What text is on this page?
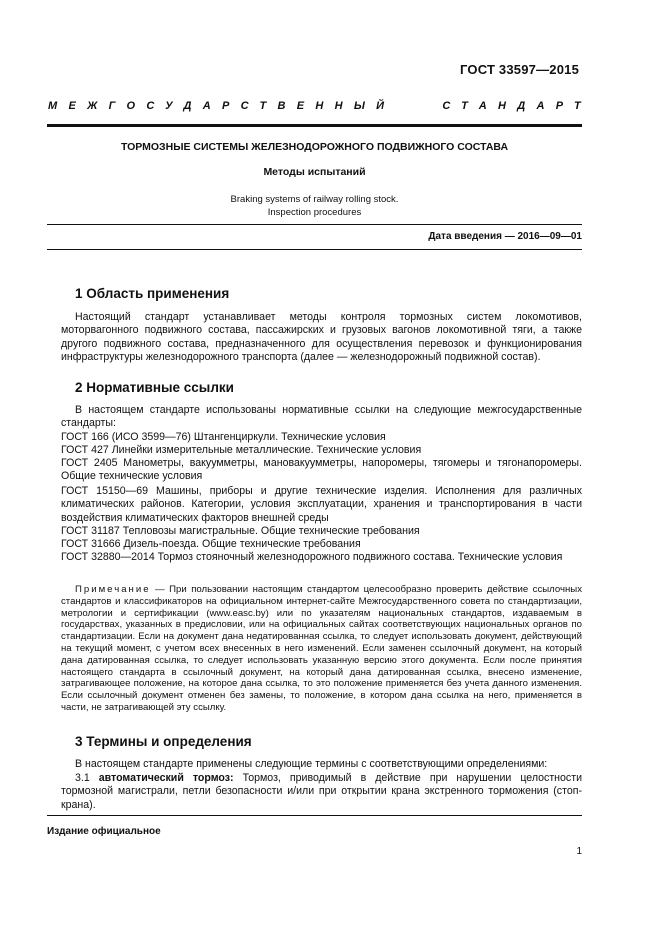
ГОСТ 33597—2015
МЕЖГОСУДАРСТВЕННЫЙ	СТАНДАРТ
ТОРМОЗНЫЕ СИСТЕМЫ ЖЕЛЕЗНОДОРОЖНОГО ПОДВИЖНОГО СОСТАВА
Методы испытаний
Braking systems of railway rolling stock.
Inspection procedures
Дата введения — 2016—09—01
1 Область применения

Настоящий стандарт устанавливает методы контроля тормозных систем локомотивов, моторвагонного подвижного состава, пассажирских и грузовых вагонов локомотивной тяги, а также другого подвижного состава, предназначенного для осуществления перевозок и функционирования инфраструктуры железнодорожного транспорта (далее — железнодорожный подвижной состав).

2 Нормативные ссылки

В настоящем стандарте использованы нормативные ссылки на следующие межгосударственные стандарты:

ГОСТ 166 (ИСО 3599—76) Штангенциркули. Технические условия

ГОСТ 427 Линейки измерительные металлические. Технические условия

ГОСТ 2405 Манометры, вакуумметры, мановакуумметры, напоромеры, тягомеры и тягонапоромеры. Общие технические условия

ГОСТ 15150—69 Машины, приборы и другие технические изделия. Исполнения для различных климатических районов. Категории, условия эксплуатации, хранения и транспортирования в части воздействия климатических факторов внешней среды

ГОСТ 31187 Тепловозы магистральные. Общие технические требования

ГОСТ 31666 Дизель-поезда. Общие технические требования

ГОСТ 32880—2014 Тормоз стояночный железнодорожного подвижного состава. Технические условия

Примечание — При пользовании настоящим стандартом целесообразно проверить действие ссылочных стандартов и классификаторов на официальном интернет-сайте Межгосударственного совета по стандартизации, метрологии и сертификации (www.easc.by) или по указателям национальных стандартов, издаваемым в государствах, указанных в предисловии, или на официальных сайтах соответствующих национальных органов по стандартизации. Если на документ дана недатированная ссылка, то следует использовать документ, действующий на текущий момент, с учетом всех внесенных в него изменений. Если заменен ссылочный документ, на который дана датированная ссылка, то следует использовать указанную версию этого документа. Если после принятия настоящего стандарта в ссылочный документ, на который дана датированная ссылка, внесено изменение, затрагивающее положение, на которое дана ссылка, то это положение применяется без учета данного изменения. Если ссылочный документ отменен без замены, то положение, в котором дана ссылка на него, применяется в части, не затрагивающей эту ссылку.

3 Термины и определения

В настоящем стандарте применены следующие термины с соответствующими определениями:

3.1 автоматический тормоз: Тормоз, приводимый в действие при нарушении целостности тормозной магистрали, петли безопасности и/или при открытии крана экстренного торможения (стоп-крана).

Издание официальное
1
